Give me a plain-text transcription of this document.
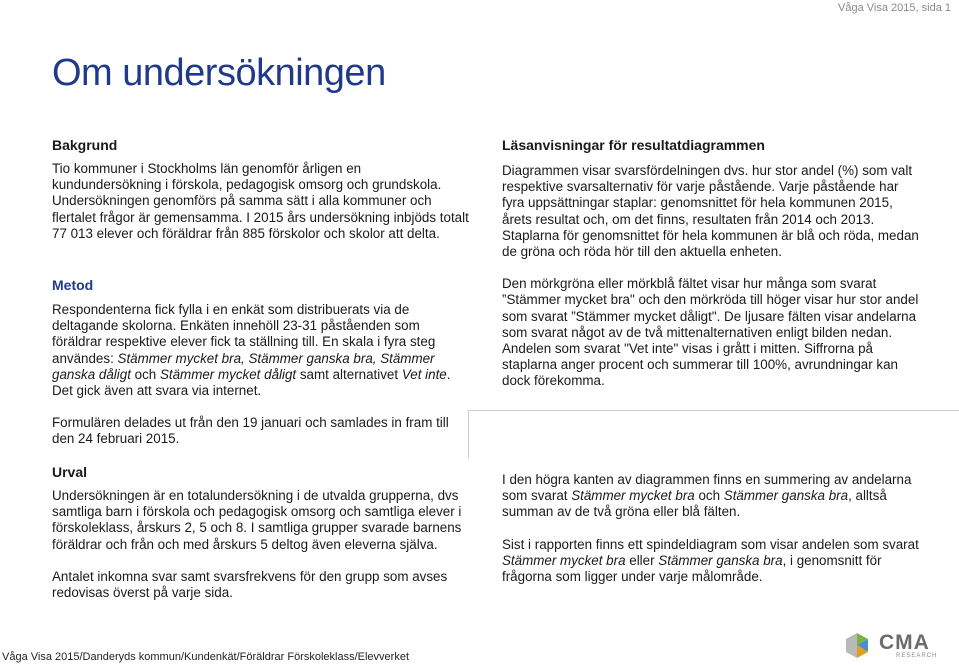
Våga Visa 2015, sida 1
Om undersökningen

Bakgrund

Tio kommuner i Stockholms län genomför årligen en kundundersökning i förskola, pedagogisk omsorg och grundskola. Undersökningen genomförs på samma sätt i alla kommuner och flertalet frågor är gemensamma. I 2015 års undersökning inbjöds totalt 77 013 elever och föräldrar från 885 förskolor och skolor att delta.

Metod

Respondenterna fick fylla i en enkät som distribuerats via de deltagande skolorna. Enkäten innehöll 23-31 påståenden som föräldrar respektive elever fick ta ställning till. En skala i fyra steg användes: Stämmer mycket bra, Stämmer ganska bra, Stämmer ganska dåligt och Stämmer mycket dåligt samt alternativet Vet inte. Det gick även att svara via internet.

Formulären delades ut från den 19 januari och samlades in fram till den 24 februari 2015.

Urval

Undersökningen är en totalundersökning i de utvalda grupperna, dvs samtliga barn i förskola och pedagogisk omsorg och samtliga elever i förskoleklass, årskurs 2, 5 och 8. I samtliga grupper svarade barnens föräldrar och från och med årskurs 5 deltog även eleverna själva.

Antalet inkomna svar samt svarsfrekvens för den grupp som avses redovisas överst på varje sida.

Läsanvisningar för resultatdiagrammen

Diagrammen visar svarsfördelningen dvs. hur stor andel (%) som valt respektive svarsalternativ för varje påstående. Varje påstående har fyra uppsättningar staplar: genomsnittet för hela kommunen 2015, årets resultat och, om det finns, resultaten från 2014 och 2013. Staplarna för genomsnittet för hela kommunen är blå och röda, medan de gröna och röda hör till den aktuella enheten.

Den mörkgröna eller mörkblå fältet visar hur många som svarat ”Stämmer mycket bra" och den mörkröda till höger visar hur stor andel som svarat ”Stämmer mycket dåligt". De ljusare fälten visar andelarna som svarat något av de två mittenalternativen enligt bilden nedan. Andelen som svarat "Vet inte" visas i grått i mitten. Siffrorna på staplarna anger procent och summerar till 100%, avrundningar kan dock förekomma.

I den högra kanten av diagrammen finns en summering av andelarna som svarat Stämmer mycket bra och Stämmer ganska bra, alltså summan av de två gröna eller blå fälten.

Sist i rapporten finns ett spindeldiagram som visar andelen som svarat Stämmer mycket bra eller Stämmer ganska bra, i genomsnitt för frågorna som ligger under varje målområde.

Våga Visa 2015/Danderyds kommun/Kundenkät/Föräldrar Förskoleklass/Elevverket
CMA
RESEARCH
